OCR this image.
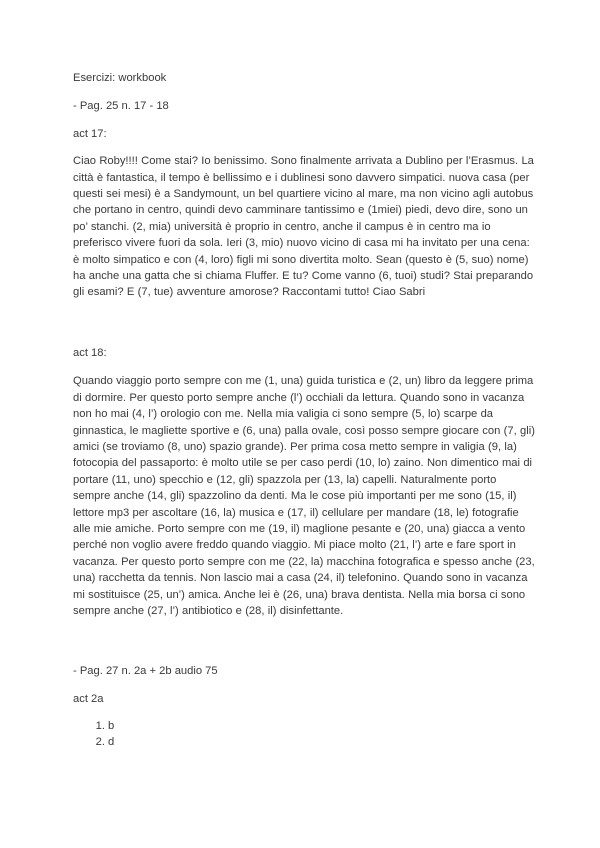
Esercizi: workbook

- Pag. 25 n. 17 - 18

act 17:

Ciao Roby!!!! Come stai? Io benissimo. Sono finalmente arrivata a Dublino per l’Erasmus. La città è fantastica, il tempo è bellissimo e i dublinesi sono davvero simpatici. nuova casa (per questi sei mesi) è a Sandymount, un bel quartiere vicino al mare, ma non vicino agli autobus che portano in centro, quindi devo camminare tantissimo e (1miei) piedi, devo dire, sono un po’ stanchi. (2, mia) università è proprio in centro, anche il campus è in centro ma io preferisco vivere fuori da sola. Ieri (3, mio) nuovo vicino di casa mi ha invitato per una cena: è molto simpatico e con (4, loro) figli mi sono divertita molto. Sean (questo è (5, suo) nome) ha anche una gatta che si chiama Fluffer. E tu? Come vanno (6, tuoi) studi? Stai preparando gli esami? E (7, tue) avventure amorose? Raccontami tutto! Ciao Sabri

act 18:

Quando viaggio porto sempre con me (1, una) guida turistica e (2, un) libro da leggere prima di dormire. Per questo porto sempre anche (l’) occhiali da lettura. Quando sono in vacanza non ho mai (4, l’) orologio con me. Nella mia valigia ci sono sempre (5, lo) scarpe da ginnastica, le magliette sportive e (6, una) palla ovale, così posso sempre giocare con (7, gli) amici (se troviamo (8, uno) spazio grande). Per prima cosa metto sempre in valigia (9, la) fotocopia del passaporto: è molto utile se per caso perdi (10, lo) zaino. Non dimentico mai di portare (11, uno) specchio e (12, gli) spazzola per (13, la) capelli. Naturalmente porto sempre anche (14, gli) spazzolino da denti. Ma le cose più importanti per me sono (15, il) lettore mp3 per ascoltare (16, la) musica e (17, il) cellulare per mandare (18, le) fotografie alle mie amiche. Porto sempre con me (19, il) maglione pesante e (20, una) giacca a vento perché non voglio avere freddo quando viaggio. Mi piace molto (21, l’) arte e fare sport in vacanza. Per questo porto sempre con me (22, la) macchina fotografica e spesso anche (23, una) racchetta da tennis. Non lascio mai a casa (24, il) telefonino. Quando sono in vacanza mi sostituisce (25, un’) amica. Anche lei è (26, una) brava dentista. Nella mia borsa ci sono sempre anche (27, l’) antibiotico e (28, il) disinfettante.

- Pag. 27 n. 2a + 2b audio 75

act 2a

1. b
2. d
